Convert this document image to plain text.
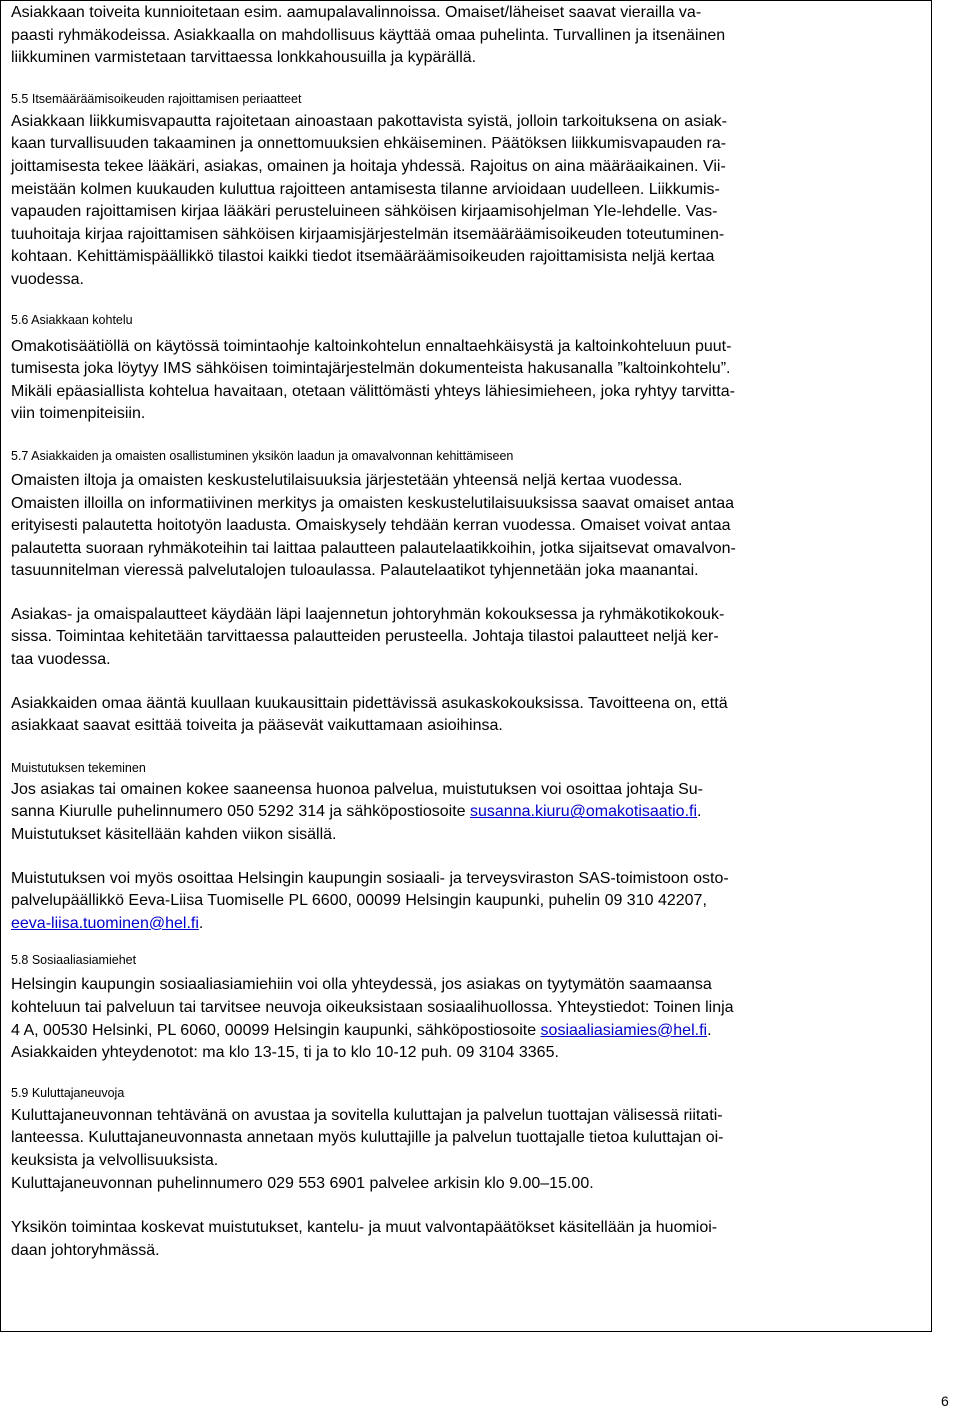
Asiakkaan toiveita kunnioitetaan esim. aamupalavalinnoissa. Omaiset/läheiset saavat vierailla va-

paasti ryhmäkodeissa. Asiakkaalla on mahdollisuus käyttää omaa puhelinta. Turvallinen ja itsenäinen

liikkuminen varmistetaan tarvittaessa lonkkahousuilla ja kypärällä.

5.5 Itsemääräämisoikeuden rajoittamisen periaatteet

Asiakkaan liikkumisvapautta rajoitetaan ainoastaan pakottavista syistä, jolloin tarkoituksena on asiak-

kaan turvallisuuden takaaminen ja onnettomuuksien ehkäiseminen. Päätöksen liikkumisvapauden ra-

joittamisesta tekee lääkäri, asiakas, omainen ja hoitaja yhdessä. Rajoitus on aina määräaikainen. Vii-

meistään kolmen kuukauden kuluttua rajoitteen antamisesta tilanne arvioidaan uudelleen. Liikkumis-

vapauden rajoittamisen kirjaa lääkäri perusteluineen sähköisen kirjaamisohjelman Yle-lehdelle. Vas-

tuuhoitaja kirjaa rajoittamisen sähköisen kirjaamisjärjestelmän itsemääräämisoikeuden toteutuminen-

kohtaan. Kehittämispäällikkö tilastoi kaikki tiedot itsemääräämisoikeuden rajoittamisista neljä kertaa

vuodessa.

5.6 Asiakkaan kohtelu

Omakotisäätiöllä on käytössä toimintaohje kaltoinkohtelun ennaltaehkäisystä ja kaltoinkohteluun puut-

tumisesta joka löytyy IMS sähköisen toimintajärjestelmän dokumenteista hakusanalla ”kaltoinkohtelu”.

Mikäli epäasiallista kohtelua havaitaan, otetaan välittömästi yhteys lähiesimieheen, joka ryhtyy tarvitta-

viin toimenpiteisiin.

5.7 Asiakkaiden ja omaisten osallistuminen yksikön laadun ja omavalvonnan kehittämiseen

Omaisten iltoja ja omaisten keskustelutilaisuuksia järjestetään yhteensä neljä kertaa vuodessa.

Omaisten illoilla on informatiivinen merkitys ja omaisten keskustelutilaisuuksissa saavat omaiset antaa

erityisesti palautetta hoitotyön laadusta. Omaiskysely tehdään kerran vuodessa. Omaiset voivat antaa

palautetta suoraan ryhmäkoteihin tai laittaa palautteen palautelaatikkoihin, jotka sijaitsevat omavalvon-

tasuunnitelman vieressä palvelutalojen tuloaulassa. Palautelaatikot tyhjennetään joka maanantai.

Asiakas- ja omaispalautteet käydään läpi laajennetun johtoryhmän kokouksessa ja ryhmäkotikokouk-

sissa. Toimintaa kehitetään tarvittaessa palautteiden perusteella. Johtaja tilastoi palautteet neljä ker-

taa vuodessa.

Asiakkaiden omaa ääntä kuullaan kuukausittain pidettävissä asukaskokouksissa. Tavoitteena on, että

asiakkaat saavat esittää toiveita ja pääsevät vaikuttamaan asioihinsa.

Muistutuksen tekeminen

Jos asiakas tai omainen kokee saaneensa huonoa palvelua, muistutuksen voi osoittaa johtaja Su-

sanna Kiurulle puhelinnumero 050 5292 314 ja sähköpostiosoite susanna.kiuru@omakotisaatio.fi.

Muistutukset käsitellään kahden viikon sisällä.

Muistutuksen voi myös osoittaa Helsingin kaupungin sosiaali- ja terveysviraston SAS-toimistoon osto-

palvelupäällikkö Eeva-Liisa Tuomiselle PL 6600, 00099 Helsingin kaupunki, puhelin 09 310 42207,

eeva-liisa.tuominen@hel.fi.

5.8 Sosiaaliasiamiehet

Helsingin kaupungin sosiaaliasiamiehiin voi olla yhteydessä, jos asiakas on tyytymätön saamaansa

kohteluun tai palveluun tai tarvitsee neuvoja oikeuksistaan sosiaalihuollossa. Yhteystiedot: Toinen linja

4 A, 00530 Helsinki, PL 6060, 00099 Helsingin kaupunki, sähköpostiosoite sosiaaliasiamies@hel.fi.

Asiakkaiden yhteydenotot: ma klo 13-15, ti ja to klo 10-12 puh. 09 3104 3365.

5.9 Kuluttajaneuvoja

Kuluttajaneuvonnan tehtävänä on avustaa ja sovitella kuluttajan ja palvelun tuottajan välisessä riitati-

lanteessa. Kuluttajaneuvonnasta annetaan myös kuluttajille ja palvelun tuottajalle tietoa kuluttajan oi-

keuksista ja velvollisuuksista.

Kuluttajaneuvonnan puhelinnumero 029 553 6901 palvelee arkisin klo 9.00–15.00.

Yksikön toimintaa koskevat muistutukset, kantelu- ja muut valvontapäätökset käsitellään ja huomioi-

daan johtoryhmässä.

6
